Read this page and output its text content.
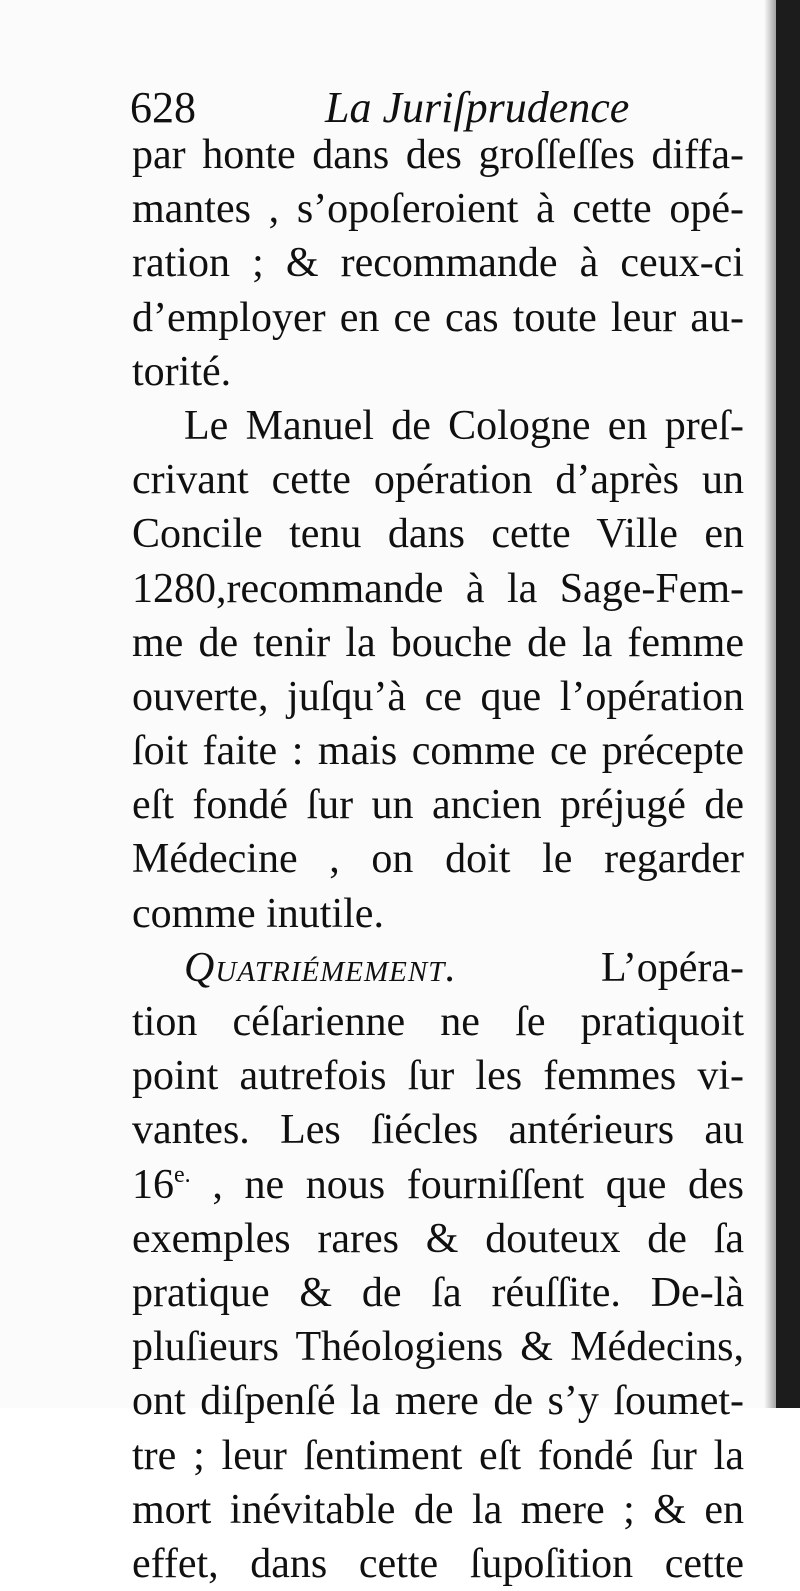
628	La Juriſprudence
par honte dans des groſſeſſes diffa-
mantes , s’opoſeroient à cette opé-
ration ; & recommande à ceux-ci
d’employer en ce cas toute leur au-
torité.
Le Manuel de Cologne en preſ-
crivant cette opération d’après un
Concile tenu dans cette Ville en
1280,recommande à la Sage-Fem-
me de tenir la bouche de la femme
ouverte, juſqu’à ce que l’opération
ſoit faite : mais comme ce précepte
eſt fondé ſur un ancien préjugé de
Médecine , on doit le regarder
comme inutile.
Quatriémement.	L’opéra-
tion céſarienne ne ſe pratiquoit
point autrefois ſur les femmes vi-
vantes. Les ſiécles antérieurs au
$16^{e.}$ , ne nous fourniſſent que des
exemples rares & douteux de ſa
pratique & de ſa réuſſite. De-là
pluſieurs Théologiens & Médecins,
ont diſpenſé la mere de s’y ſoumet-
tre ; leur ſentiment eſt fondé ſur la
mort inévitable de la mere ; & en
effet, dans cette ſupoſition cette
